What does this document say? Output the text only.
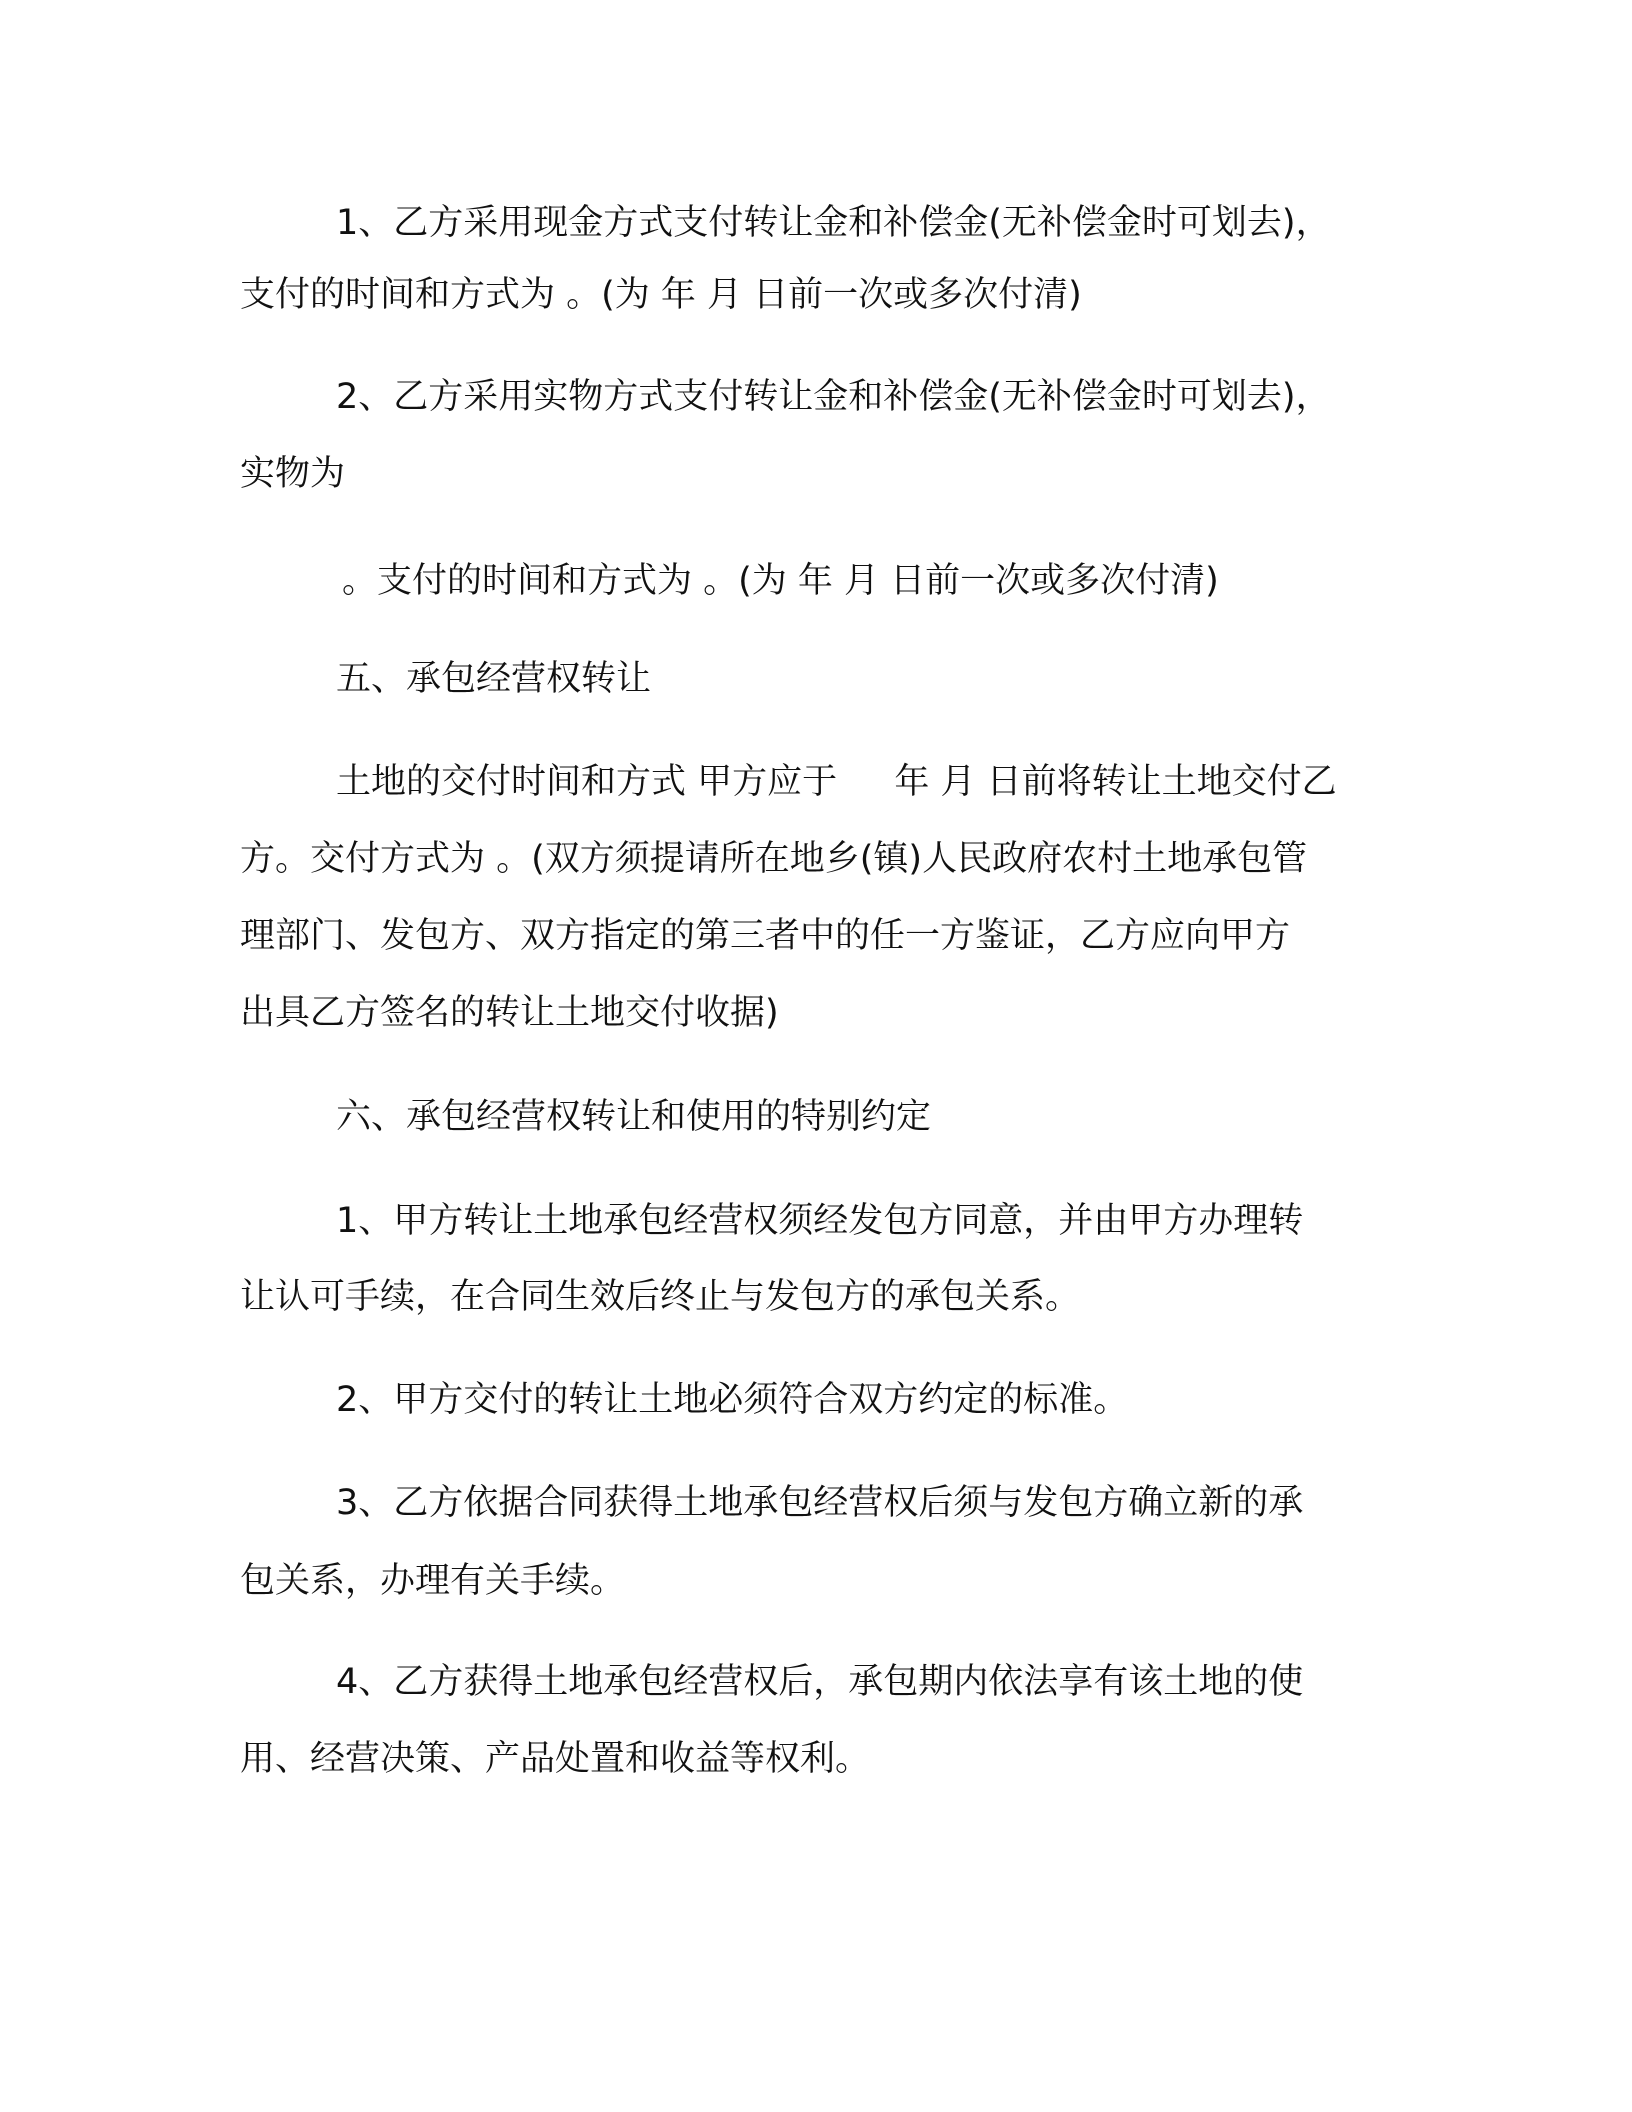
1、乙方采用现金方式支付转让金和补偿金(无补偿金时可划去)，

支付的时间和方式为 。(为 年 月 日前一次或多次付清)

2、乙方采用实物方式支付转让金和补偿金(无补偿金时可划去)，

实物为

。支付的时间和方式为 。(为 年 月 日前一次或多次付清)

五、承包经营权转让

土地的交付时间和方式 甲方应于 　 年 月 日前将转让土地交付乙

方。交付方式为 。(双方须提请所在地乡(镇)人民政府农村土地承包管

理部门、发包方、双方指定的第三者中的任一方鉴证，乙方应向甲方

出具乙方签名的转让土地交付收据)

六、承包经营权转让和使用的特别约定

1、甲方转让土地承包经营权须经发包方同意，并由甲方办理转

让认可手续，在合同生效后终止与发包方的承包关系。

2、甲方交付的转让土地必须符合双方约定的标准。

3、乙方依据合同获得土地承包经营权后须与发包方确立新的承

包关系，办理有关手续。

4、乙方获得土地承包经营权后，承包期内依法享有该土地的使

用、经营决策、产品处置和收益等权利。
